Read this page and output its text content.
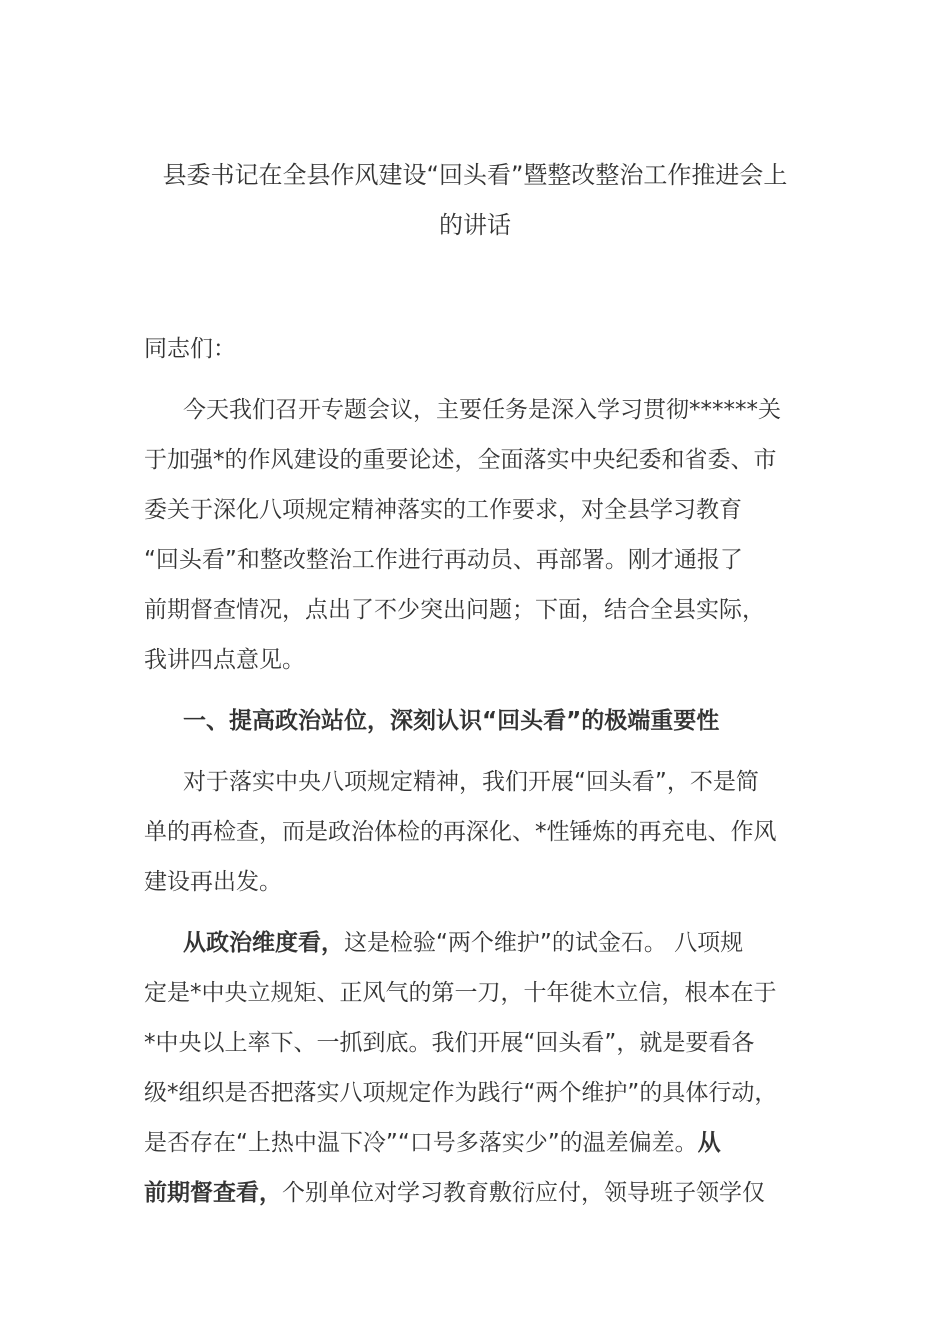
县委书记在全县作风建设“回头看”暨整改整治工作推进会上
的讲话
同志们：
今天我们召开专题会议，主要任务是深入学习贯彻******关
于加强*的作风建设的重要论述，全面落实中央纪委和省委、市
委关于深化八项规定精神落实的工作要求，对全县学习教育
“回头看”和整改整治工作进行再动员、再部署。刚才通报了
前期督查情况，点出了不少突出问题；下面，结合全县实际，
我讲四点意见。
一、提高政治站位，深刻认识“回头看”的极端重要性
对于落实中央八项规定精神，我们开展“回头看”，不是简
单的再检查，而是政治体检的再深化、*性锤炼的再充电、作风
建设再出发。
从政治维度看，这是检验“两个维护”的试金石。 八项规
定是*中央立规矩、正风气的第一刀，十年徙木立信，根本在于
*中央以上率下、一抓到底。我们开展“回头看”，就是要看各
级*组织是否把落实八项规定作为践行“两个维护”的具体行动，
是否存在“上热中温下冷”“口号多落实少”的温差偏差。从
前期督查看，个别单位对学习教育敷衍应付，领导班子领学仅
